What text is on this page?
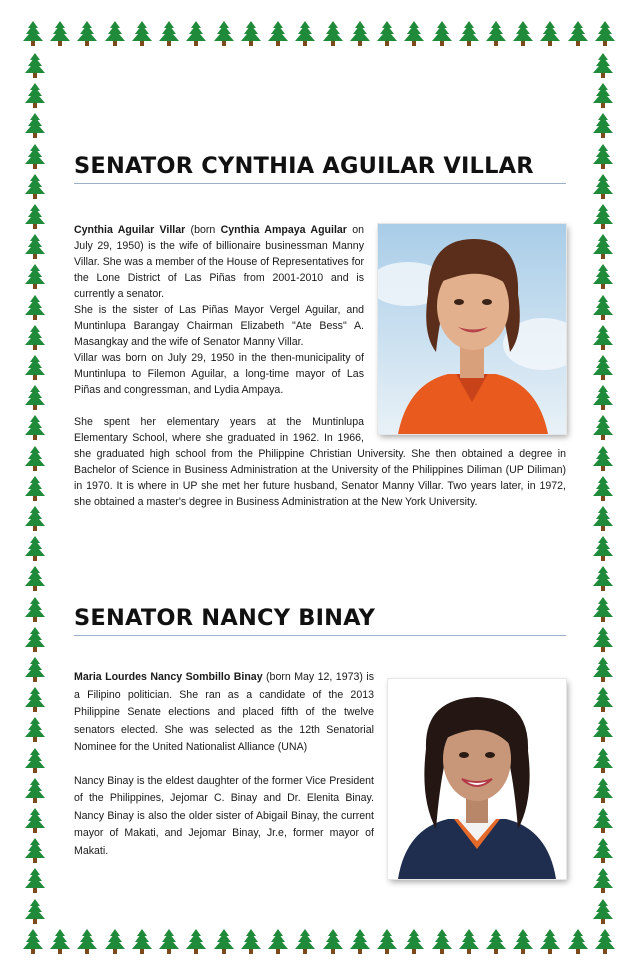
SENATOR CYNTHIA AGUILAR VILLAR

Cynthia Aguilar Villar (born Cynthia Ampaya Aguilar on July 29, 1950) is the wife of billionaire businessman Manny Villar. She was a member of the House of Representatives for the Lone District of Las Piñas from 2001-2010 and is currently a senator.

She is the sister of Las Piñas Mayor Vergel Aguilar, and Muntinlupa Barangay Chairman Elizabeth "Ate Bess" A. Masangkay and the wife of Senator Manny Villar.

Villar was born on July 29, 1950 in the then-municipality of Muntinlupa to Filemon Aguilar, a long-time mayor of Las Piñas and congressman, and Lydia Ampaya.

She spent her elementary years at the Muntinlupa Elementary School, where she graduated in 1962. In 1966, she graduated high school from the Philippine Christian University. She then obtained a degree in Bachelor of Science in Business Administration at the University of the Philippines Diliman (UP Diliman) in 1970. It is where in UP she met her future husband, Senator Manny Villar. Two years later, in 1972, she obtained a master's degree in Business Administration at the New York University.

SENATOR NANCY BINAY

Maria Lourdes Nancy Sombillo Binay (born May 12, 1973) is a Filipino politician. She ran as a candidate of the 2013 Philippine Senate elections and placed fifth of the twelve senators elected. She was selected as the 12th Senatorial Nominee for the United Nationalist Alliance (UNA)

Nancy Binay is the eldest daughter of the former Vice President of the Philippines, Jejomar C. Binay and Dr. Elenita Binay. Nancy Binay is also the older sister of Abigail Binay, the current mayor of Makati, and Jejomar Binay, Jr.e, former mayor of Makati.
